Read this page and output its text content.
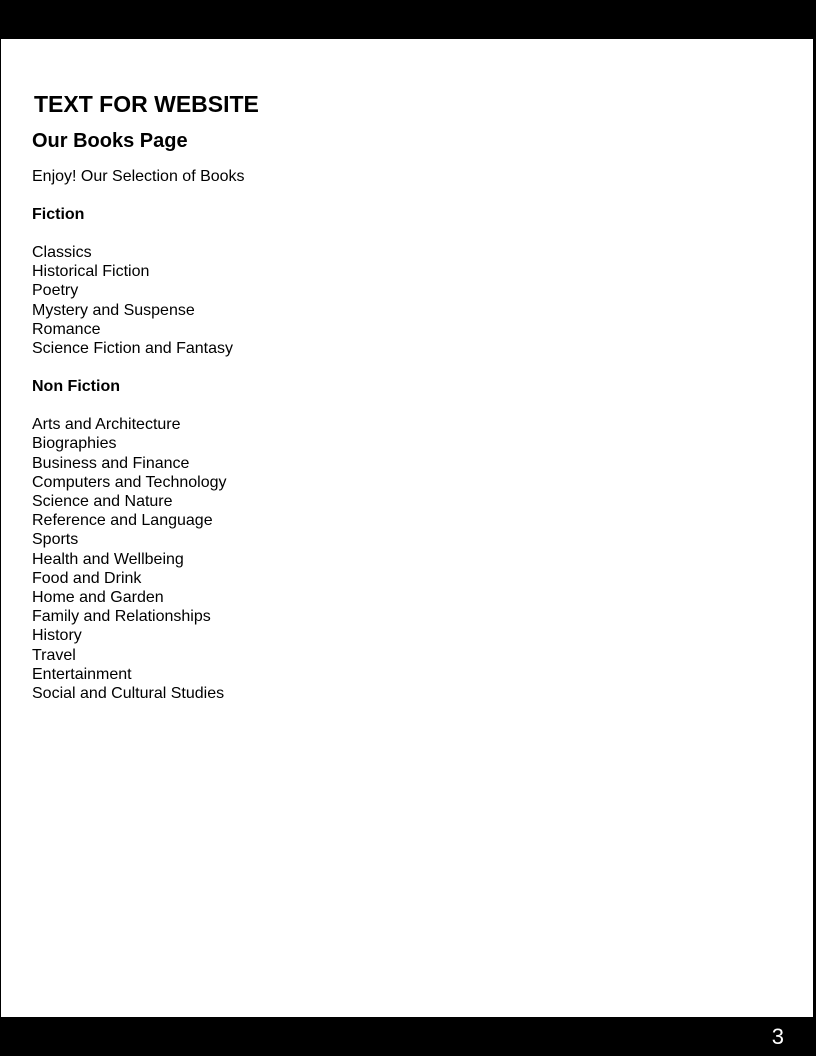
TEXT FOR WEBSITE
Our Books Page

Enjoy! Our Selection of Books

Fiction
Classics
Historical Fiction
Poetry
Mystery and Suspense
Romance
Science Fiction and Fantasy
Non Fiction
Arts and Architecture
Biographies
Business and Finance
Computers and Technology
Science and Nature
Reference and Language
Sports
Health and Wellbeing
Food and Drink
Home and Garden
Family and Relationships
History
Travel
Entertainment
Social and Cultural Studies
3
